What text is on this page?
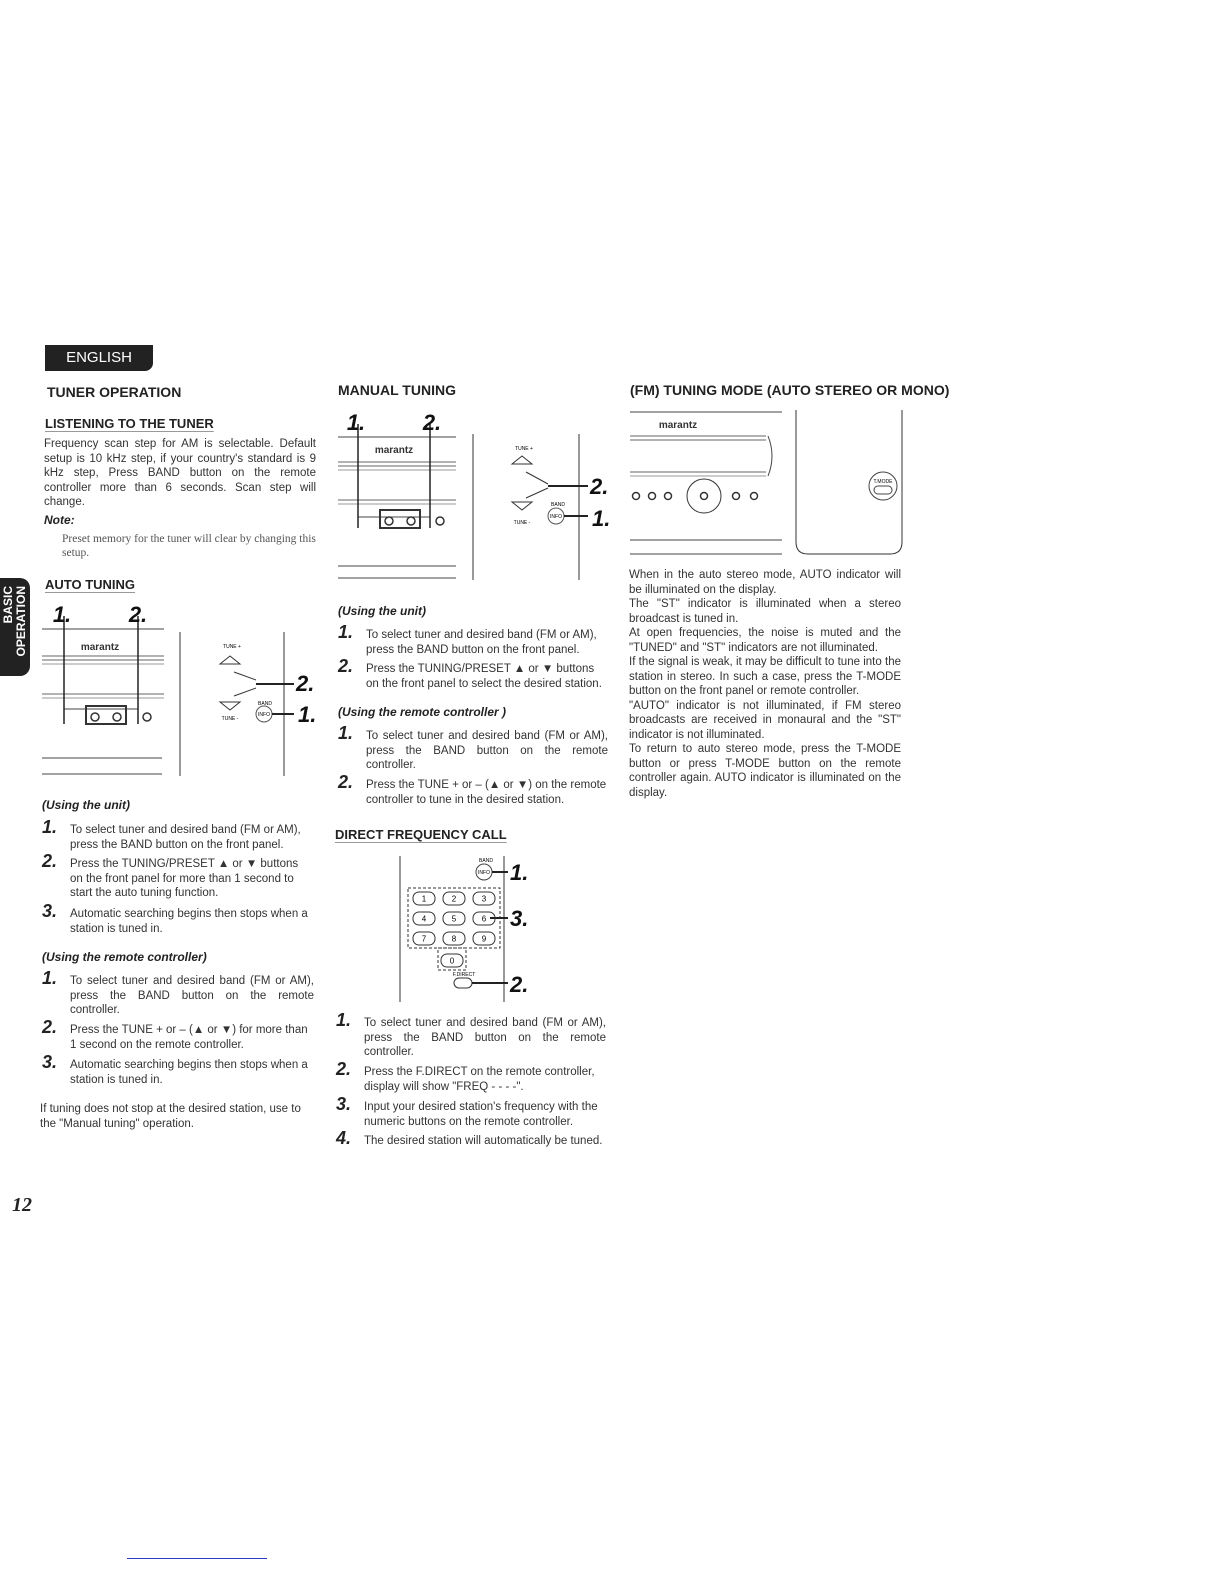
ENGLISH
BASIC OPERATION
TUNER OPERATION
LISTENING TO THE TUNER
Frequency scan step for AM is selectable. Default setup is 10 kHz step, if your country's standard is 9 kHz step, Press BAND button on the remote controller more than 6 seconds. Scan step will change.
Note:
Preset memory for the tuner will clear by changing this setup.
AUTO TUNING
marantz
1.	2.
TUNE +
TUNE -
BAND
INFO
2.
1.
(Using the unit)
1. To select tuner and desired band (FM or AM), press the BAND button on the front panel.
2. Press the TUNING/PRESET ▲ or ▼ buttons on the front panel for more than 1 second to start the auto tuning function.
3. Automatic searching begins then stops when a station is tuned in.
(Using the remote controller)
1. To select tuner and desired band (FM or AM), press the BAND button on the remote controller.
2. Press the TUNE + or – (▲ or ▼) for more than 1 second on the remote controller.
3. Automatic searching begins then stops when a station is tuned in.
If tuning does not stop at the desired station, use to the "Manual tuning" operation.
MANUAL TUNING
marantz
1.	2.
TUNE +
TUNE -
BAND
INFO
2.
1.
(Using the unit)
1. To select tuner and desired band (FM or AM), press the BAND button on the front panel.
2. Press the TUNING/PRESET ▲ or ▼ buttons on the front panel to select the desired station.
(Using the remote controller )
1. To select tuner and desired band (FM or AM), press the BAND button on the remote controller.
2. Press the TUNE + or – (▲ or ▼) on the remote controller to tune in the desired station.
DIRECT FREQUENCY CALL
1	2	3
4	5	6
7	8	9
0
BAND
INFO
F.DIRECT
1.
3.
2.
1. To select tuner and desired band (FM or AM), press the BAND button on the remote controller.
2. Press the F.DIRECT on the remote controller, display will show "FREQ - - - -".
3. Input your desired station's frequency with the numeric buttons on the remote controller.
4. The desired station will automatically be tuned.
(FM) TUNING MODE (AUTO STEREO OR MONO)
marantz
T.MODE
When in the auto stereo mode, AUTO indicator will be illuminated on the display.
The "ST" indicator is illuminated when a stereo broadcast is tuned in.
At open frequencies, the noise is muted and the "TUNED" and "ST" indicators are not illuminated.
If the signal is weak, it may be difficult to tune into the station in stereo. In such a case, press the T-MODE button on the front panel or remote controller.
"AUTO" indicator is not illuminated, if FM stereo broadcasts are received in monaural and the "ST" indicator is not illuminated.
To return to auto stereo mode, press the T-MODE button or press T-MODE button on the remote controller again. AUTO indicator is illuminated on the display.
12
